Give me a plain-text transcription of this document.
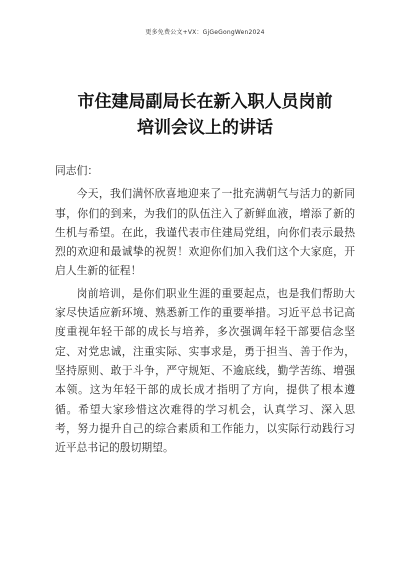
更多免费公文+VX：GjGeGongWen2024
市住建局副局长在新入职人员岗前培训会议上的讲话

同志们：

今天，我们满怀欣喜地迎来了一批充满朝气与活力的新同事，你们的到来，为我们的队伍注入了新鲜血液，增添了新的生机与希望。在此，我谨代表市住建局党组，向你们表示最热烈的欢迎和最诚挚的祝贺！欢迎你们加入我们这个大家庭，开启人生新的征程！

岗前培训，是你们职业生涯的重要起点，也是我们帮助大家尽快适应新环境、熟悉新工作的重要举措。习近平总书记高度重视年轻干部的成长与培养，多次强调年轻干部要信念坚定、对党忠诚，注重实际、实事求是，勇于担当、善于作为，坚持原则、敢于斗争，严守规矩、不逾底线，勤学苦练、增强本领。这为年轻干部的成长成才指明了方向，提供了根本遵循。希望大家珍惜这次难得的学习机会，认真学习、深入思考，努力提升自己的综合素质和工作能力，以实际行动践行习近平总书记的殷切期望。
